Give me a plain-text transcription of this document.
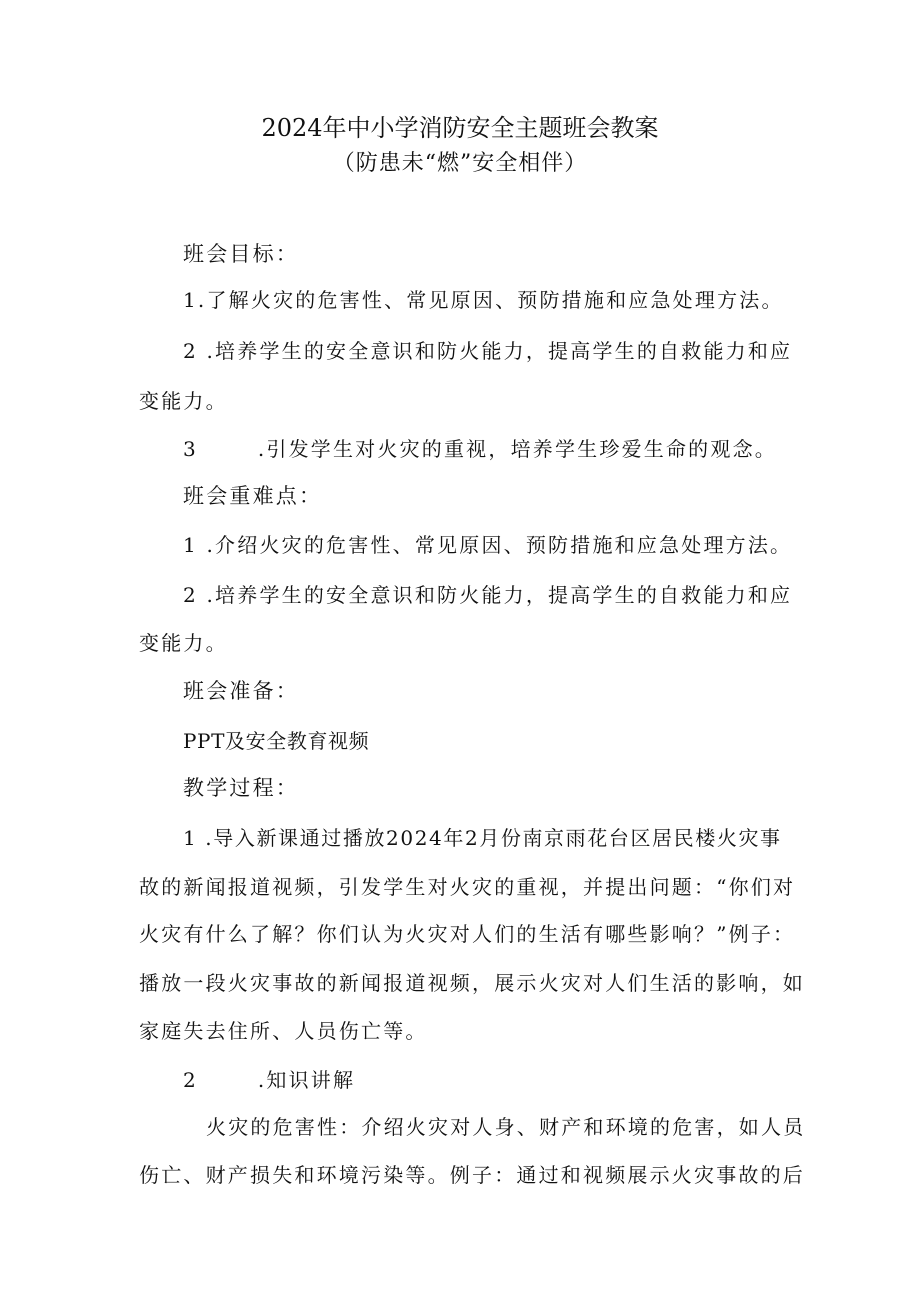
2024年中小学消防安全主题班会教案
（防患未“燃”安全相伴）
班会目标：
1.了解火灾的危害性、常见原因、预防措施和应急处理方法。
2 .培养学生的安全意识和防火能力，提高学生的自救能力和应
变能力。
3       .引发学生对火灾的重视，培养学生珍爱生命的观念。
班会重难点：
1 .介绍火灾的危害性、常见原因、预防措施和应急处理方法。
2 .培养学生的安全意识和防火能力，提高学生的自救能力和应
变能力。
班会准备：
PPT及安全教育视频
教学过程：
1 .导入新课通过播放2024年2月份南京雨花台区居民楼火灾事
故的新闻报道视频，引发学生对火灾的重视，并提出问题：“你们对
火灾有什么了解？你们认为火灾对人们的生活有哪些影响？”例子：
播放一段火灾事故的新闻报道视频，展示火灾对人们生活的影响，如
家庭失去住所、人员伤亡等。
2       .知识讲解
火灾的危害性：介绍火灾对人身、财产和环境的危害，如人员
伤亡、财产损失和环境污染等。例子：通过和视频展示火灾事故的后
